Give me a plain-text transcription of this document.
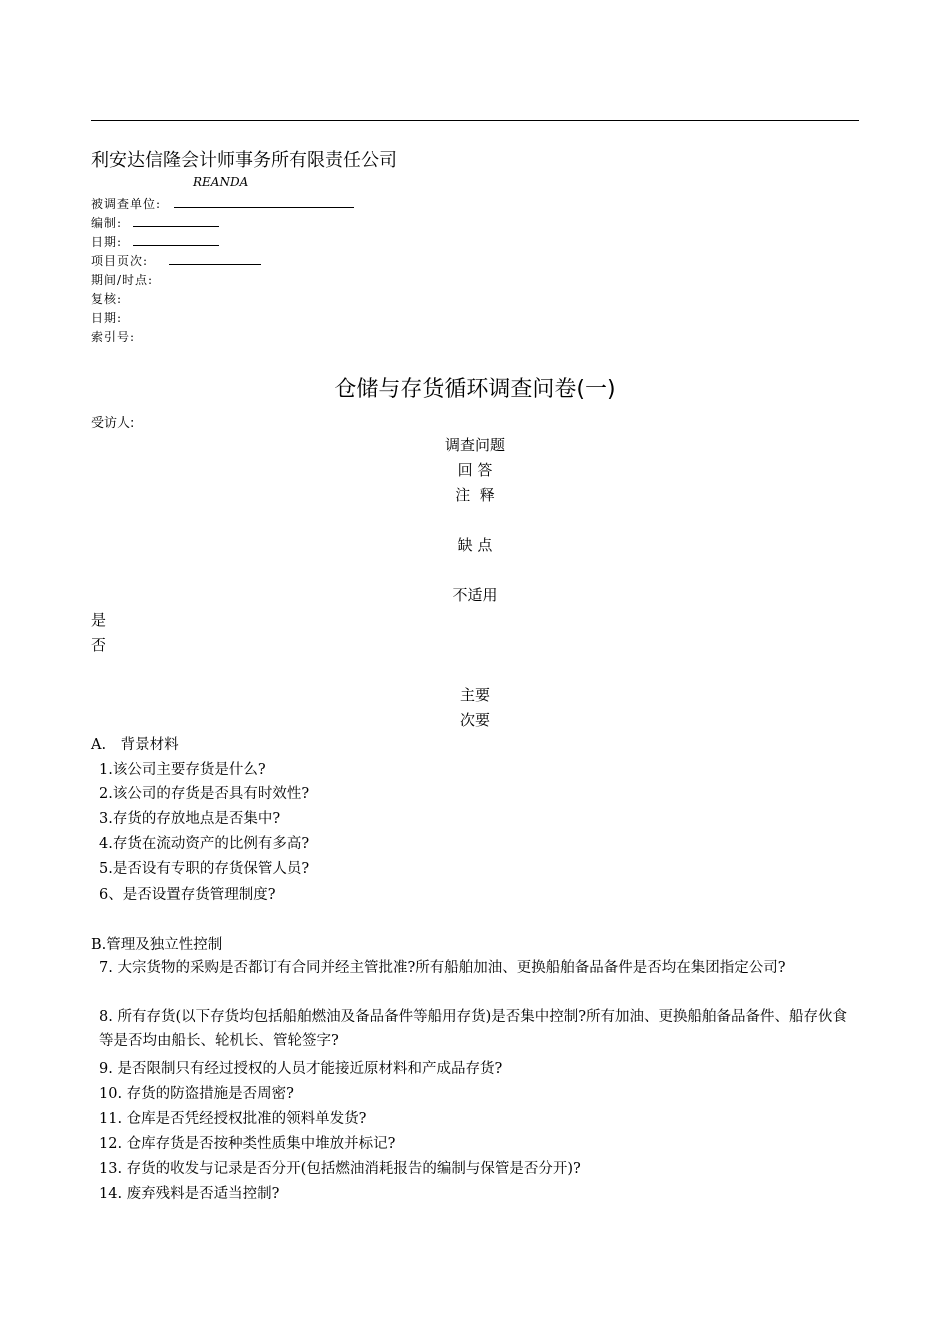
利安达信隆会计师事务所有限责任公司
REANDA
被调查单位:
编制:
日期:
项目页次:
期间/时点:
复核:
日期:
索引号:
仓储与存货循环调查问卷(一)
受访人:
调查问题
回 答
注  释
缺 点
不适用
是
否
主要
次要
A.　背景材料
1.该公司主要存货是什么?
2.该公司的存货是否具有时效性?
3.存货的存放地点是否集中?
4.存货在流动资产的比例有多高?
5.是否设有专职的存货保管人员?
6、是否设置存货管理制度?
B.管理及独立性控制
7. 大宗货物的采购是否都订有合同并经主管批准?所有船舶加油、更换船舶备品备件是否均在集团指定公司?
8. 所有存货(以下存货均包括船舶燃油及备品备件等船用存货)是否集中控制?所有加油、更换船舶备品备件、船存伙食等是否均由船长、轮机长、管轮签字?
9. 是否限制只有经过授权的人员才能接近原材料和产成品存货?
10. 存货的防盗措施是否周密?
11. 仓库是否凭经授权批准的领料单发货?
12. 仓库存货是否按种类性质集中堆放并标记?
13. 存货的收发与记录是否分开(包括燃油消耗报告的编制与保管是否分开)?
14. 废弃残料是否适当控制?
